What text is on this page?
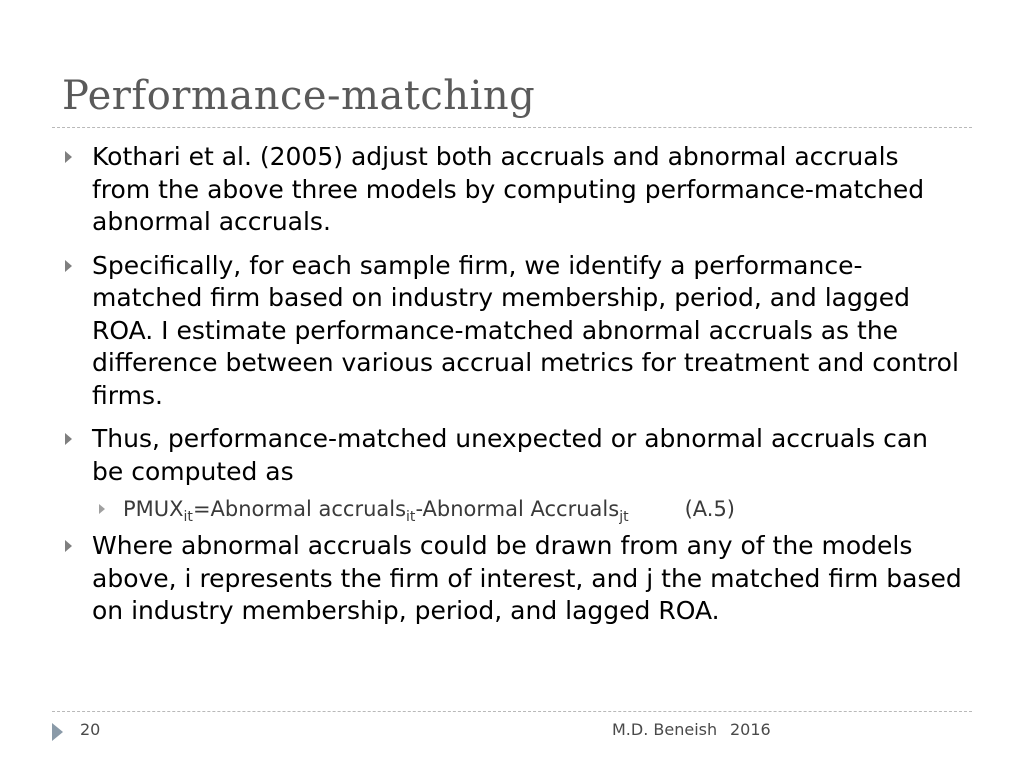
Performance-matching
Kothari et al. (2005) adjust both accruals and abnormal accruals from the above three models by computing performance-matched abnormal accruals.
Specifically, for each sample firm, we identify a performance-matched firm based on industry membership, period, and lagged ROA. I estimate performance-matched abnormal accruals as the difference between various accrual metrics for treatment and control firms.
Thus, performance-matched unexpected or abnormal accruals can be computed as
$PMUX_{it}=Abnormal$ accruals$_{it}$-Abnormal Accruals$_{jt}$	(A.5)
Where abnormal accruals could be drawn from any of the models above, i represents the firm of interest, and j the matched firm based on industry membership, period, and lagged ROA.
20	M.D. Beneish 2016
